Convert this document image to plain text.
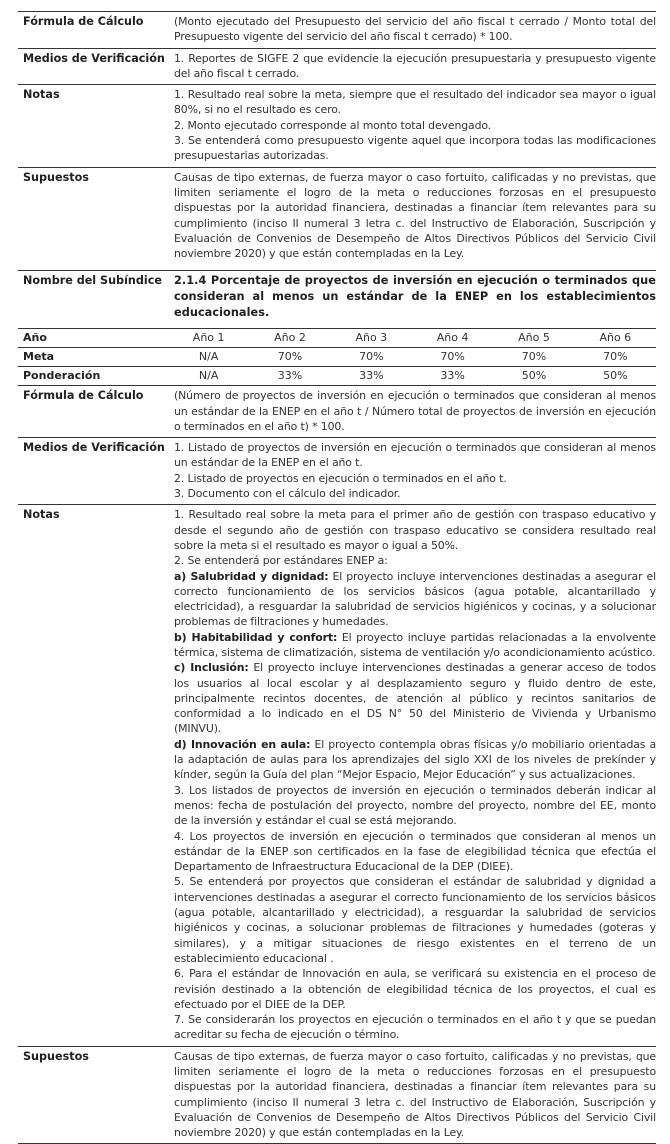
Fórmula de Cálculo	(Monto ejecutado del Presupuesto del servicio del año fiscal t cerrado / Monto total del Presupuesto vigente del servicio del año fiscal t cerrado) * 100.

Medios de Verificación 1. Reportes de SIGFE 2 que evidencie la ejecución presupuestaria y presupuesto vigente del año fiscal t cerrado.

Notas	1. Resultado real sobre la meta, siempre que el resultado del indicador sea mayor o igual 80%, si no el resultado es cero.

2. Monto ejecutado corresponde al monto total devengado.

3. Se entenderá como presupuesto vigente aquel que incorpora todas las modificaciones presupuestarias autorizadas.

Supuestos	Causas de tipo externas, de fuerza mayor o caso fortuito, calificadas y no previstas, que limiten seriamente el logro de la meta o reducciones forzosas en el presupuesto dispuestas por la autoridad financiera, destinadas a financiar ítem relevantes para su cumplimiento (inciso II numeral 3 letra c. del Instructivo de Elaboración, Suscripción y Evaluación de Convenios de Desempeño de Altos Directivos Públicos del Servicio Civil noviembre 2020) y que están contempladas en la Ley.

Nombre del Subíndice	2.1.4 Porcentaje de proyectos de inversión en ejecución o terminados que consideran al menos un estándar de la ENEP en los establecimientos educacionales.
Año	Año 1	Año 2	Año 3	Año 4	Año 5	Año 6
Meta	N/A	70%	70%	70%	70%	70%
Ponderación	N/A	33%	33%	33%	50%	50%
Fórmula de Cálculo	(Número de proyectos de inversión en ejecución o terminados que consideran al menos un estándar de la ENEP en el año t / Número total de proyectos de inversión en ejecución o terminados en el año t) * 100.
Medios de Verificación 1. Listado de proyectos de inversión en ejecución o terminados que consideran al menos un estándar de la ENEP en el año t.

2. Listado de proyectos en ejecución o terminados en el año t.

3. Documento con el cálculo del indicador.

Notas	1. Resultado real sobre la meta para el primer año de gestión con traspaso educativo y desde el segundo año de gestión con traspaso educativo se considera resultado real sobre la meta si el resultado es mayor o igual a 50%.

2. Se entenderá por estándares ENEP a:

a) Salubridad y dignidad: El proyecto incluye intervenciones destinadas a asegurar el correcto funcionamiento de los servicios básicos (agua potable, alcantarillado y electricidad), a resguardar la salubridad de servicios higiénicos y cocinas, y a solucionar problemas de filtraciones y humedades.

b) Habitabilidad y confort: El proyecto incluye partidas relacionadas a la envolvente térmica, sistema de climatización, sistema de ventilación y/o acondicionamiento acústico.

c) Inclusión: El proyecto incluye intervenciones destinadas a generar acceso de todos los usuarios al local escolar y al desplazamiento seguro y fluido dentro de este, principalmente recintos docentes, de atención al público y recintos sanitarios de conformidad a lo indicado en el DS N° 50 del Ministerio de Vivienda y Urbanismo (MINVU).

d) Innovación en aula: El proyecto contempla obras físicas y/o mobiliario orientadas a la adaptación de aulas para los aprendizajes del siglo XXI de los niveles de prekínder y kínder, según la Guía del plan “Mejor Espacio, Mejor Educación” y sus actualizaciones.

3. Los listados de proyectos de inversión en ejecución o terminados deberán indicar al menos: fecha de postulación del proyecto, nombre del proyecto, nombre del EE, monto de la inversión y estándar el cual se está mejorando.

4. Los proyectos de inversión en ejecución o terminados que consideran al menos un estándar de la ENEP son certificados en la fase de elegibilidad técnica que efectúa el Departamento de Infraestructura Educacional de la DEP (DIEE).

5. Se entenderá por proyectos que consideran el estándar de salubridad y dignidad a intervenciones destinadas a asegurar el correcto funcionamiento de los servicios básicos (agua potable, alcantarillado y electricidad), a resguardar la salubridad de servicios higiénicos y cocinas, a solucionar problemas de filtraciones y humedades (goteras y similares), y a mitigar situaciones de riesgo existentes en el terreno de un establecimiento educacional .

6. Para el estándar de Innovación en aula, se verificará su existencia en el proceso de revisión destinado a la obtención de elegibilidad técnica de los proyectos, el cual es efectuado por el DIEE de la DEP.

7. Se considerarán los proyectos en ejecución o terminados en el año t y que se puedan acreditar su fecha de ejecución o término.

Supuestos	Causas de tipo externas, de fuerza mayor o caso fortuito, calificadas y no previstas, que limiten seriamente el logro de la meta o reducciones forzosas en el presupuesto dispuestas por la autoridad financiera, destinadas a financiar ítem relevantes para su cumplimiento (inciso II numeral 3 letra c. del Instructivo de Elaboración, Suscripción y Evaluación de Convenios de Desempeño de Altos Directivos Públicos del Servicio Civil noviembre 2020) y que están contempladas en la Ley.
